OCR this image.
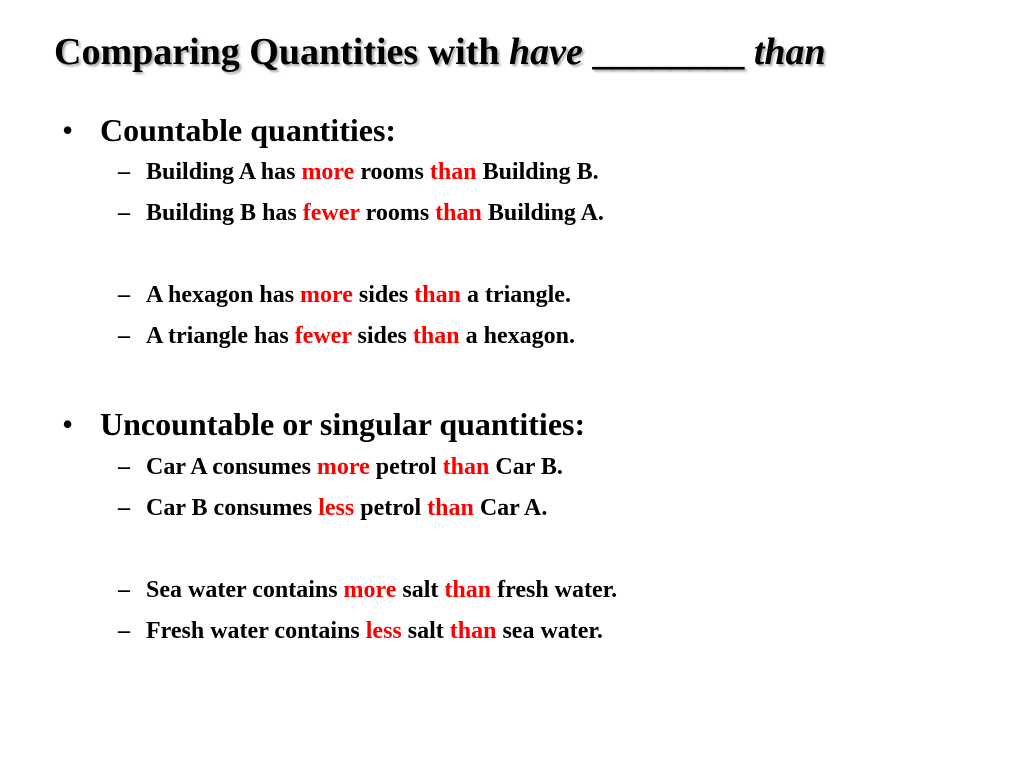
Comparing Quantities with have ________ than
• Countable quantities:
– Building A has more rooms than Building B.
– Building B has fewer rooms than Building A.
– A hexagon has more sides than a triangle.
– A triangle has fewer sides than a hexagon.
• Uncountable or singular quantities:
– Car A consumes more petrol than Car B.
– Car B consumes less petrol than Car A.
– Sea water contains more salt than fresh water.
– Fresh water contains less salt than sea water.
